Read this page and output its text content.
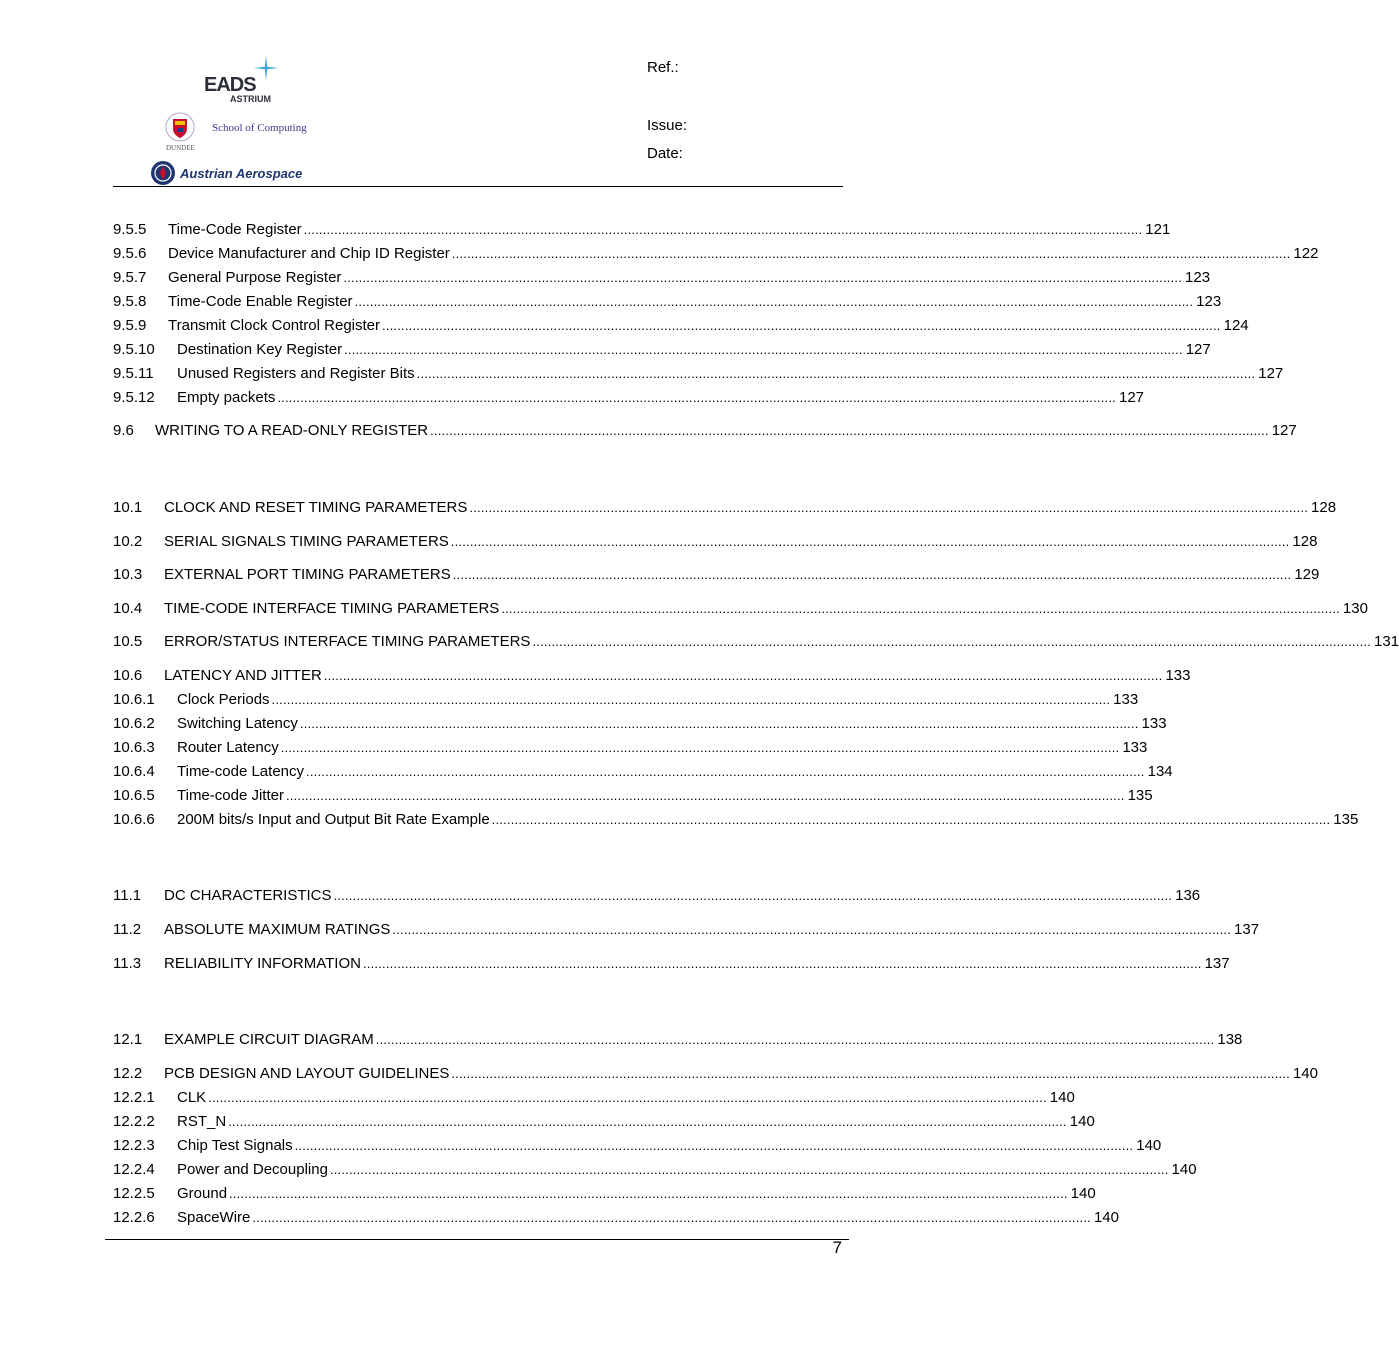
EADS
ASTRIUM
School of Computing
DUNDEE
Austrian Aerospace
Ref.:
Issue:
Date:
9.5.5	Time-Code Register ............................................................................................................................................................................................................................ 121
9.5.6	Device Manufacturer and Chip ID Register ............................................................................................................................................................................................................................ 122
9.5.7	General Purpose Register ............................................................................................................................................................................................................................ 123
9.5.8	Time-Code Enable Register ............................................................................................................................................................................................................................ 123
9.5.9	Transmit Clock Control Register ............................................................................................................................................................................................................................ 124
9.5.10	Destination Key Register ............................................................................................................................................................................................................................ 127
9.5.11	Unused Registers and Register Bits ............................................................................................................................................................................................................................ 127
9.5.12	Empty packets ............................................................................................................................................................................................................................ 127
9.6	WRITING TO A READ-ONLY REGISTER ............................................................................................................................................................................................................................ 127
10.1	CLOCK AND RESET TIMING PARAMETERS ............................................................................................................................................................................................................................ 128
10.2	SERIAL SIGNALS TIMING PARAMETERS ............................................................................................................................................................................................................................ 128
10.3	EXTERNAL PORT TIMING PARAMETERS ............................................................................................................................................................................................................................ 129
10.4	TIME-CODE INTERFACE TIMING PARAMETERS ............................................................................................................................................................................................................................ 130
10.5	ERROR/STATUS INTERFACE TIMING PARAMETERS ............................................................................................................................................................................................................................ 131
10.6	LATENCY AND JITTER ............................................................................................................................................................................................................................ 133
10.6.1	Clock Periods ............................................................................................................................................................................................................................ 133
10.6.2	Switching Latency ............................................................................................................................................................................................................................ 133
10.6.3	Router Latency ............................................................................................................................................................................................................................ 133
10.6.4	Time-code Latency ............................................................................................................................................................................................................................ 134
10.6.5	Time-code Jitter ............................................................................................................................................................................................................................ 135
10.6.6	200M bits/s Input and Output Bit Rate Example ............................................................................................................................................................................................................................ 135
11.1	DC CHARACTERISTICS ............................................................................................................................................................................................................................ 136
11.2	ABSOLUTE MAXIMUM RATINGS ............................................................................................................................................................................................................................ 137
11.3	RELIABILITY INFORMATION ............................................................................................................................................................................................................................ 137
12.1	EXAMPLE CIRCUIT DIAGRAM ............................................................................................................................................................................................................................ 138
12.2	PCB DESIGN AND LAYOUT GUIDELINES ............................................................................................................................................................................................................................ 140
12.2.1	CLK ............................................................................................................................................................................................................................ 140
12.2.2	RST_N ............................................................................................................................................................................................................................ 140
12.2.3	Chip Test Signals ............................................................................................................................................................................................................................ 140
12.2.4	Power and Decoupling ............................................................................................................................................................................................................................ 140
12.2.5	Ground ............................................................................................................................................................................................................................ 140
12.2.6	SpaceWire ............................................................................................................................................................................................................................ 140
7
